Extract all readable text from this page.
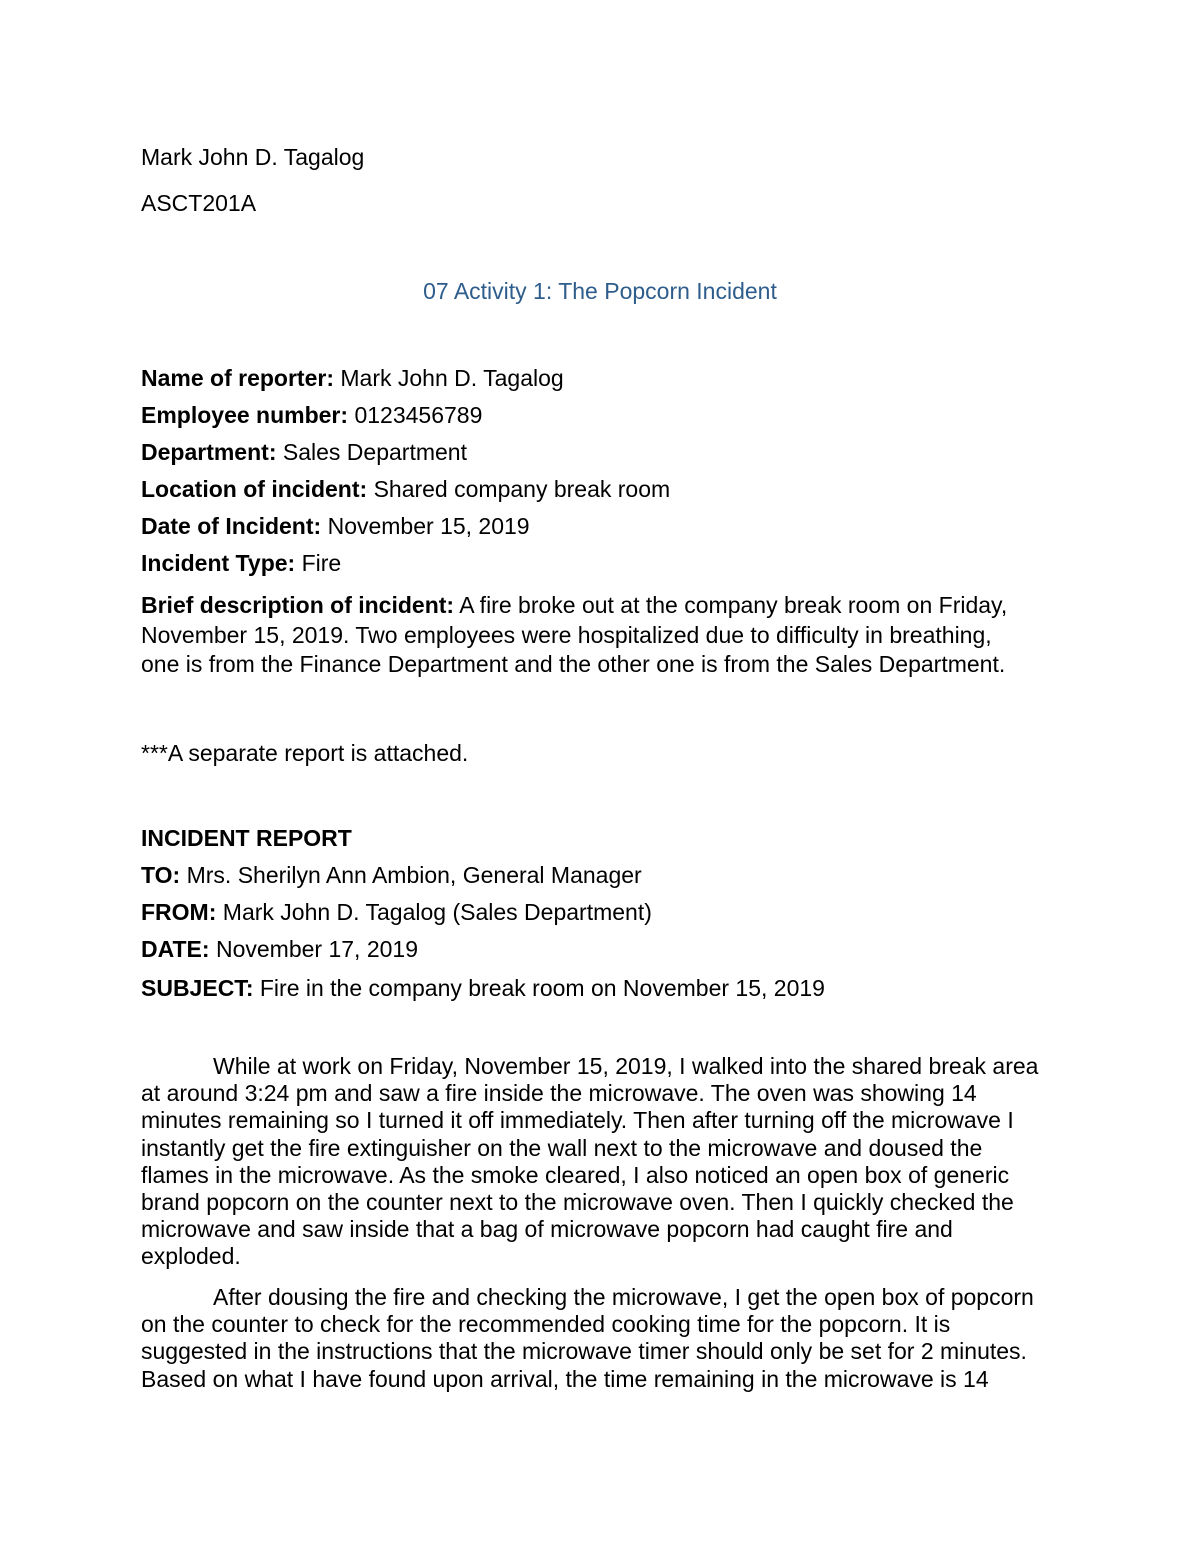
Mark John D. Tagalog
ASCT201A
07 Activity 1: The Popcorn Incident
Name of reporter: Mark John D. Tagalog
Employee number: 0123456789
Department: Sales Department
Location of incident: Shared company break room
Date of Incident: November 15, 2019
Incident Type: Fire
Brief description of incident: A fire broke out at the company break room on Friday,
November 15, 2019. Two employees were hospitalized due to difficulty in breathing,
one is from the Finance Department and the other one is from the Sales Department.
***A separate report is attached.
INCIDENT REPORT
TO: Mrs. Sherilyn Ann Ambion, General Manager
FROM: Mark John D. Tagalog (Sales Department)
DATE: November 17, 2019
SUBJECT: Fire in the company break room on November 15, 2019
While at work on Friday, November 15, 2019, I walked into the shared break area
at around 3:24 pm and saw a fire inside the microwave. The oven was showing 14
minutes remaining so I turned it off immediately. Then after turning off the microwave I
instantly get the fire extinguisher on the wall next to the microwave and doused the
flames in the microwave. As the smoke cleared, I also noticed an open box of generic
brand popcorn on the counter next to the microwave oven. Then I quickly checked the
microwave and saw inside that a bag of microwave popcorn had caught fire and
exploded.
After dousing the fire and checking the microwave, I get the open box of popcorn
on the counter to check for the recommended cooking time for the popcorn. It is
suggested in the instructions that the microwave timer should only be set for 2 minutes.
Based on what I have found upon arrival, the time remaining in the microwave is 14
